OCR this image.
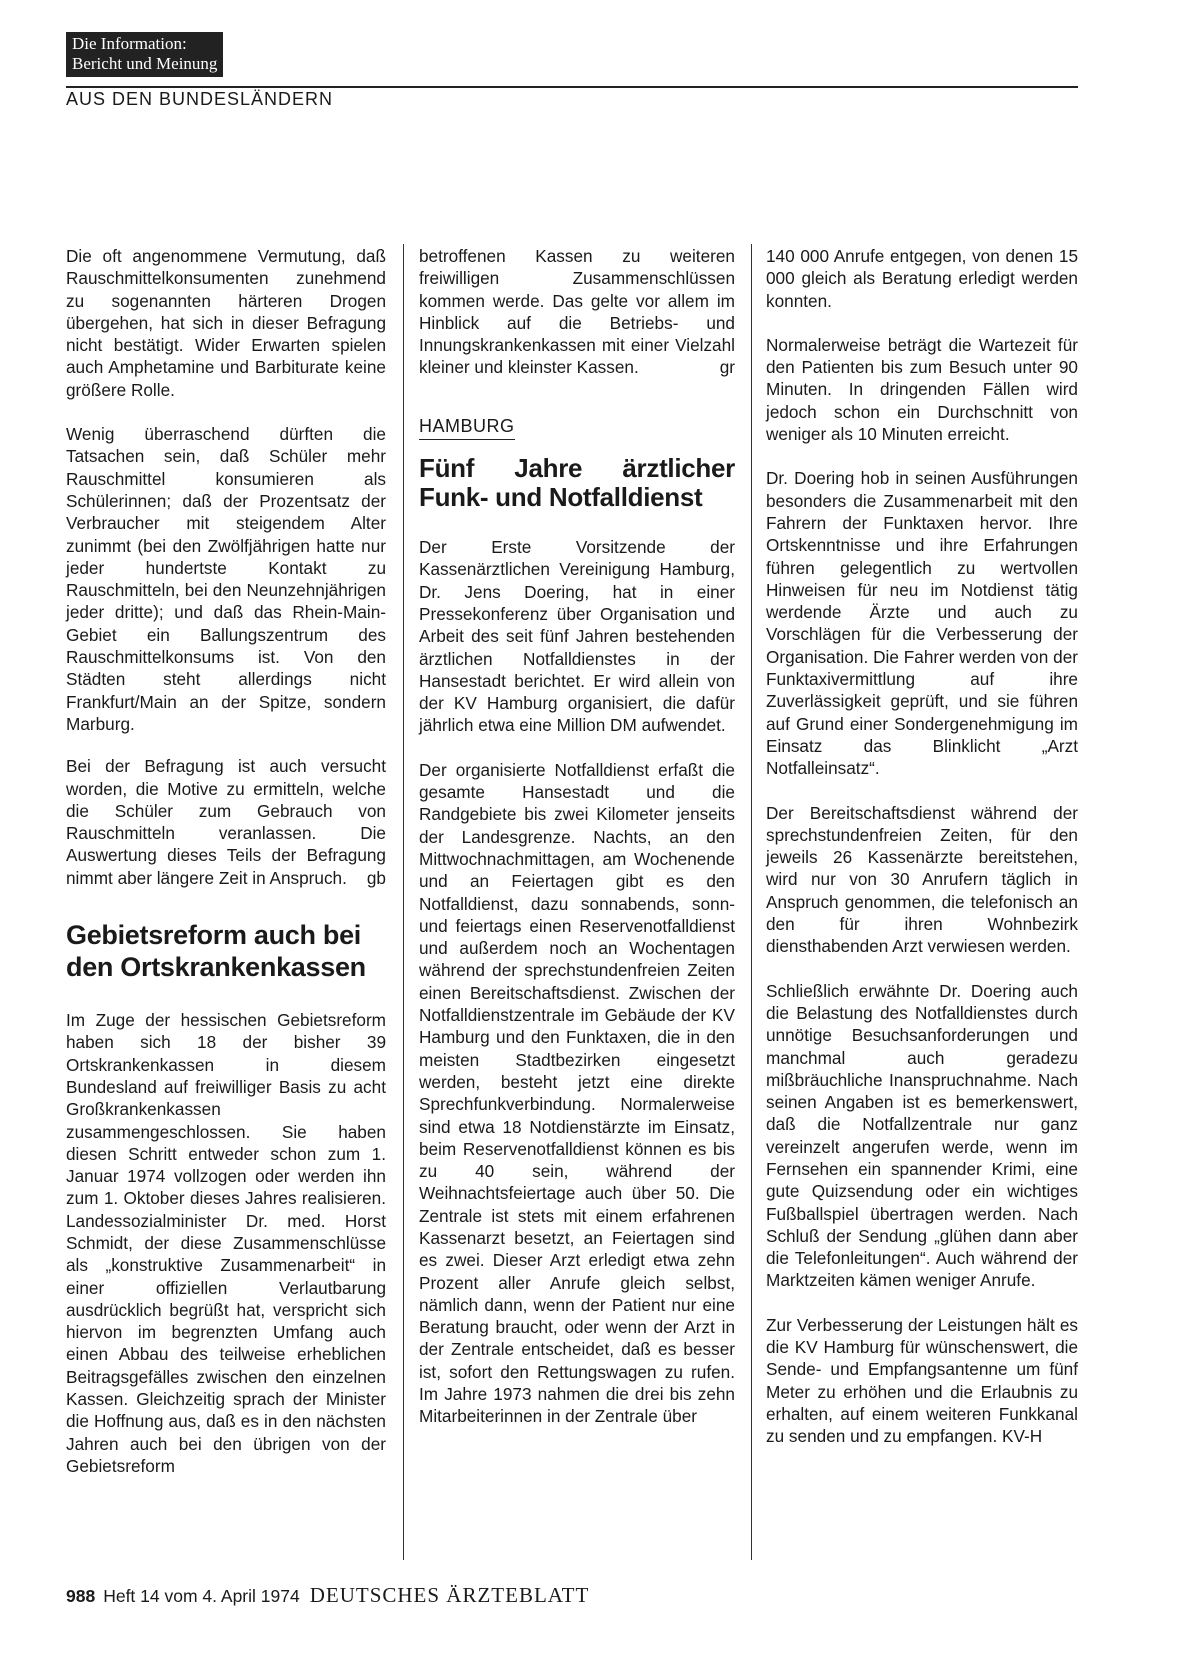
Die Information:
Bericht und Meinung
AUS DEN BUNDESLÄNDERN

Die oft angenommene Vermutung, daß Rauschmittelkonsumenten zunehmend zu sogenannten härteren Drogen übergehen, hat sich in dieser Befragung nicht bestätigt. Wider Erwarten spielen auch Amphetamine und Barbiturate keine größere Rolle.

Wenig überraschend dürften die Tatsachen sein, daß Schüler mehr Rauschmittel konsumieren als Schülerinnen; daß der Prozentsatz der Verbraucher mit steigendem Alter zunimmt (bei den Zwölfjährigen hatte nur jeder hundertste Kontakt zu Rauschmitteln, bei den Neunzehnjährigen jeder dritte); und daß das Rhein-Main-Gebiet ein Ballungszentrum des Rauschmittelkonsums ist. Von den Städten steht allerdings nicht Frankfurt/Main an der Spitze, sondern Marburg.

Bei der Befragung ist auch versucht worden, die Motive zu ermitteln, welche die Schüler zum Gebrauch von Rauschmitteln veranlassen. Die Auswertung dieses Teils der Befragung nimmt aber längere Zeit in Anspruch. gb

Gebietsreform auch bei den Ortskrankenkassen

Im Zuge der hessischen Gebietsreform haben sich 18 der bisher 39 Ortskrankenkassen in diesem Bundesland auf freiwilliger Basis zu acht Großkrankenkassen zusammengeschlossen. Sie haben diesen Schritt entweder schon zum 1. Januar 1974 vollzogen oder werden ihn zum 1. Oktober dieses Jahres realisieren. Landessozialminister Dr. med. Horst Schmidt, der diese Zusammenschlüsse als „konstruktive Zusammenarbeit“ in einer offiziellen Verlautbarung ausdrücklich begrüßt hat, verspricht sich hiervon im begrenzten Umfang auch einen Abbau des teilweise erheblichen Beitragsgefälles zwischen den einzelnen Kassen. Gleichzeitig sprach der Minister die Hoffnung aus, daß es in den nächsten Jahren auch bei den übrigen von der Gebietsreform

betroffenen Kassen zu weiteren freiwilligen Zusammenschlüssen kommen werde. Das gelte vor allem im Hinblick auf die Betriebs- und Innungskrankenkassen mit einer Vielzahl kleiner und kleinster Kassen.	gr

HAMBURG
Fünf Jahre ärztlicher Funk- und Notfalldienst

Der Erste Vorsitzende der Kassenärztlichen Vereinigung Hamburg, Dr. Jens Doering, hat in einer Pressekonferenz über Organisation und Arbeit des seit fünf Jahren bestehenden ärztlichen Notfalldienstes in der Hansestadt berichtet. Er wird allein von der KV Hamburg organisiert, die dafür jährlich etwa eine Million DM aufwendet.

Der organisierte Notfalldienst erfaßt die gesamte Hansestadt und die Randgebiete bis zwei Kilometer jenseits der Landesgrenze. Nachts, an den Mittwochnachmittagen, am Wochenende und an Feiertagen gibt es den Notfalldienst, dazu sonnabends, sonn- und feiertags einen Reservenotfalldienst und außerdem noch an Wochentagen während der sprechstundenfreien Zeiten einen Bereitschaftsdienst. Zwischen der Notfalldienstzentrale im Gebäude der KV Hamburg und den Funktaxen, die in den meisten Stadtbezirken eingesetzt werden, besteht jetzt eine direkte Sprechfunkverbindung. Normalerweise sind etwa 18 Notdienstärzte im Einsatz, beim Reservenotfalldienst können es bis zu 40 sein, während der Weihnachtsfeiertage auch über 50. Die Zentrale ist stets mit einem erfahrenen Kassenarzt besetzt, an Feiertagen sind es zwei. Dieser Arzt erledigt etwa zehn Prozent aller Anrufe gleich selbst, nämlich dann, wenn der Patient nur eine Beratung braucht, oder wenn der Arzt in der Zentrale entscheidet, daß es besser ist, sofort den Rettungswagen zu rufen. Im Jahre 1973 nahmen die drei bis zehn Mitarbeiterinnen in der Zentrale über

140 000 Anrufe entgegen, von denen 15 000 gleich als Beratung erledigt werden konnten.

Normalerweise beträgt die Wartezeit für den Patienten bis zum Besuch unter 90 Minuten. In dringenden Fällen wird jedoch schon ein Durchschnitt von weniger als 10 Minuten erreicht.

Dr. Doering hob in seinen Ausführungen besonders die Zusammenarbeit mit den Fahrern der Funktaxen hervor. Ihre Ortskenntnisse und ihre Erfahrungen führen gelegentlich zu wertvollen Hinweisen für neu im Notdienst tätig werdende Ärzte und auch zu Vorschlägen für die Verbesserung der Organisation. Die Fahrer werden von der Funktaxivermittlung auf ihre Zuverlässigkeit geprüft, und sie führen auf Grund einer Sondergenehmigung im Einsatz das Blinklicht „Arzt Notfalleinsatz“.

Der Bereitschaftsdienst während der sprechstundenfreien Zeiten, für den jeweils 26 Kassenärzte bereitstehen, wird nur von 30 Anrufern täglich in Anspruch genommen, die telefonisch an den für ihren Wohnbezirk diensthabenden Arzt verwiesen werden.

Schließlich erwähnte Dr. Doering auch die Belastung des Notfalldienstes durch unnötige Besuchsanforderungen und manchmal auch geradezu mißbräuchliche Inanspruchnahme. Nach seinen Angaben ist es bemerkenswert, daß die Notfallzentrale nur ganz vereinzelt angerufen werde, wenn im Fernsehen ein spannender Krimi, eine gute Quizsendung oder ein wichtiges Fußballspiel übertragen werden. Nach Schluß der Sendung „glühen dann aber die Telefonleitungen“. Auch während der Marktzeiten kämen weniger Anrufe.

Zur Verbesserung der Leistungen hält es die KV Hamburg für wünschenswert, die Sende- und Empfangsantenne um fünf Meter zu erhöhen und die Erlaubnis zu erhalten, auf einem weiteren Funkkanal zu senden und zu empfangen. KV-H

988 Heft 14 vom 4. April 1974 DEUTSCHES ÄRZTEBLATT
